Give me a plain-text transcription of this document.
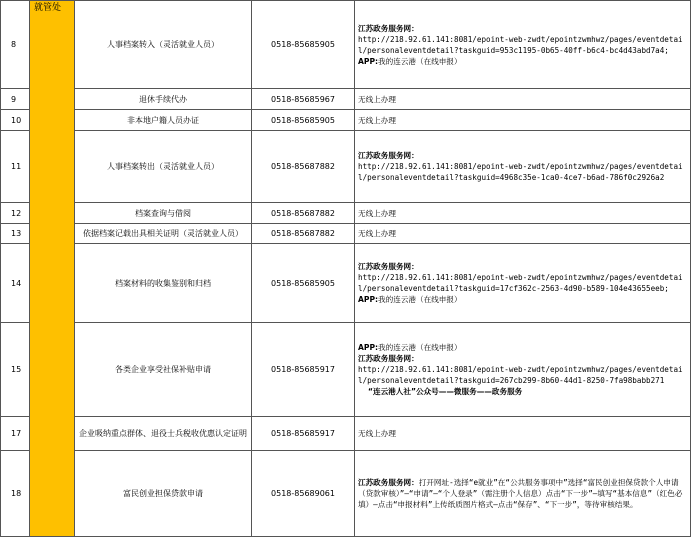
8	就管处	人事档案转入（灵活就业人员）	0518-85685905	江苏政务服务网：
http://218.92.61.141:8081/epoint-web-zwdt/epointzwmhwz/pages/eventdetail/personaleventdetail?taskguid=953c1195-0b65-40ff-b6c4-bc4d43abd7a4;
APP:我的连云港（在线申报）
9		退休手续代办	0518-85685967	无线上办理
10		非本地户籍人员办证	0518-85685905	无线上办理
11		人事档案转出（灵活就业人员）	0518-85687882	江苏政务服务网：
http://218.92.61.141:8081/epoint-web-zwdt/epointzwmhwz/pages/eventdetail/personaleventdetail?taskguid=4968c35e-1ca0-4ce7-b6ad-786f0c2926a2

12		档案查询与借阅	0518-85687882	无线上办理
13		依据档案记载出具相关证明（灵活就业人员）	0518-85687882	无线上办理
14		档案材料的收集鉴别和归档	0518-85685905	江苏政务服务网：
http://218.92.61.141:8081/epoint-web-zwdt/epointzwmhwz/pages/eventdetail/personaleventdetail?taskguid=17cf362c-2563-4d90-b589-104e43655eeb;
APP:我的连云港（在线申报）
15		各类企业享受社保补贴申请	0518-85685917	APP:我的连云港（在线申报）
江苏政务服务网：
http://218.92.61.141:8081/epoint-web-zwdt/epointzwmhwz/pages/eventdetail/personaleventdetail?taskguid=267cb299-8b60-44d1-8250-7fa98babb271
“连云港人社”公众号——微服务——政务服务
17		企业吸纳重点群体、退役士兵税收优惠认定证明	0518-85685917	无线上办理
18		富民创业担保贷款申请	0518-85689061	江苏政务服务网：打开网址-选择“e就业”在“公共服务事项中”选择“富民创业担保贷款个人申请（贷款审核）”—“申请”—“个人登录”（需注册个人信息）点击“下一步”—填写“基本信息”（红色必填）—点击“申报材料”上传纸质图片格式—点击“保存”、“下一步”，等待审核结果。
